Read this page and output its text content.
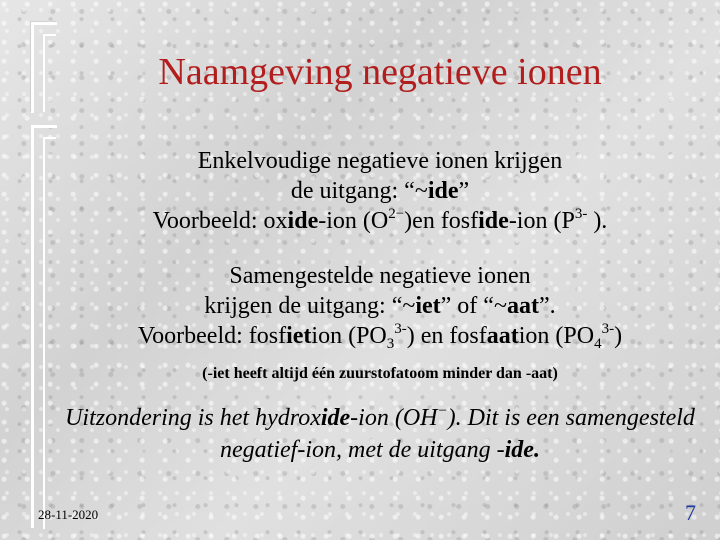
Naamgeving negatieve ionen
Enkelvoudige negatieve ionen krijgen
de uitgang: “~ide”
Voorbeeld: oxide-ion $(O^{2-})en$ fosfide-ion ($P^{3-}$ ).
Samengestelde negatieve ionen
krijgen de uitgang: “~iet” of “~aat”.
Voorbeeld: fosfietion $(PO_3^{3-})$ en fosfaation $(PO_4^{3-})$
(-iet heeft altijd één zuurstofatoom minder dan -aat)
Uitzondering is het hydroxide-ion (OH−). Dit is een samengesteld negatief-ion, met de uitgang -ide.
28-11-2020	7
